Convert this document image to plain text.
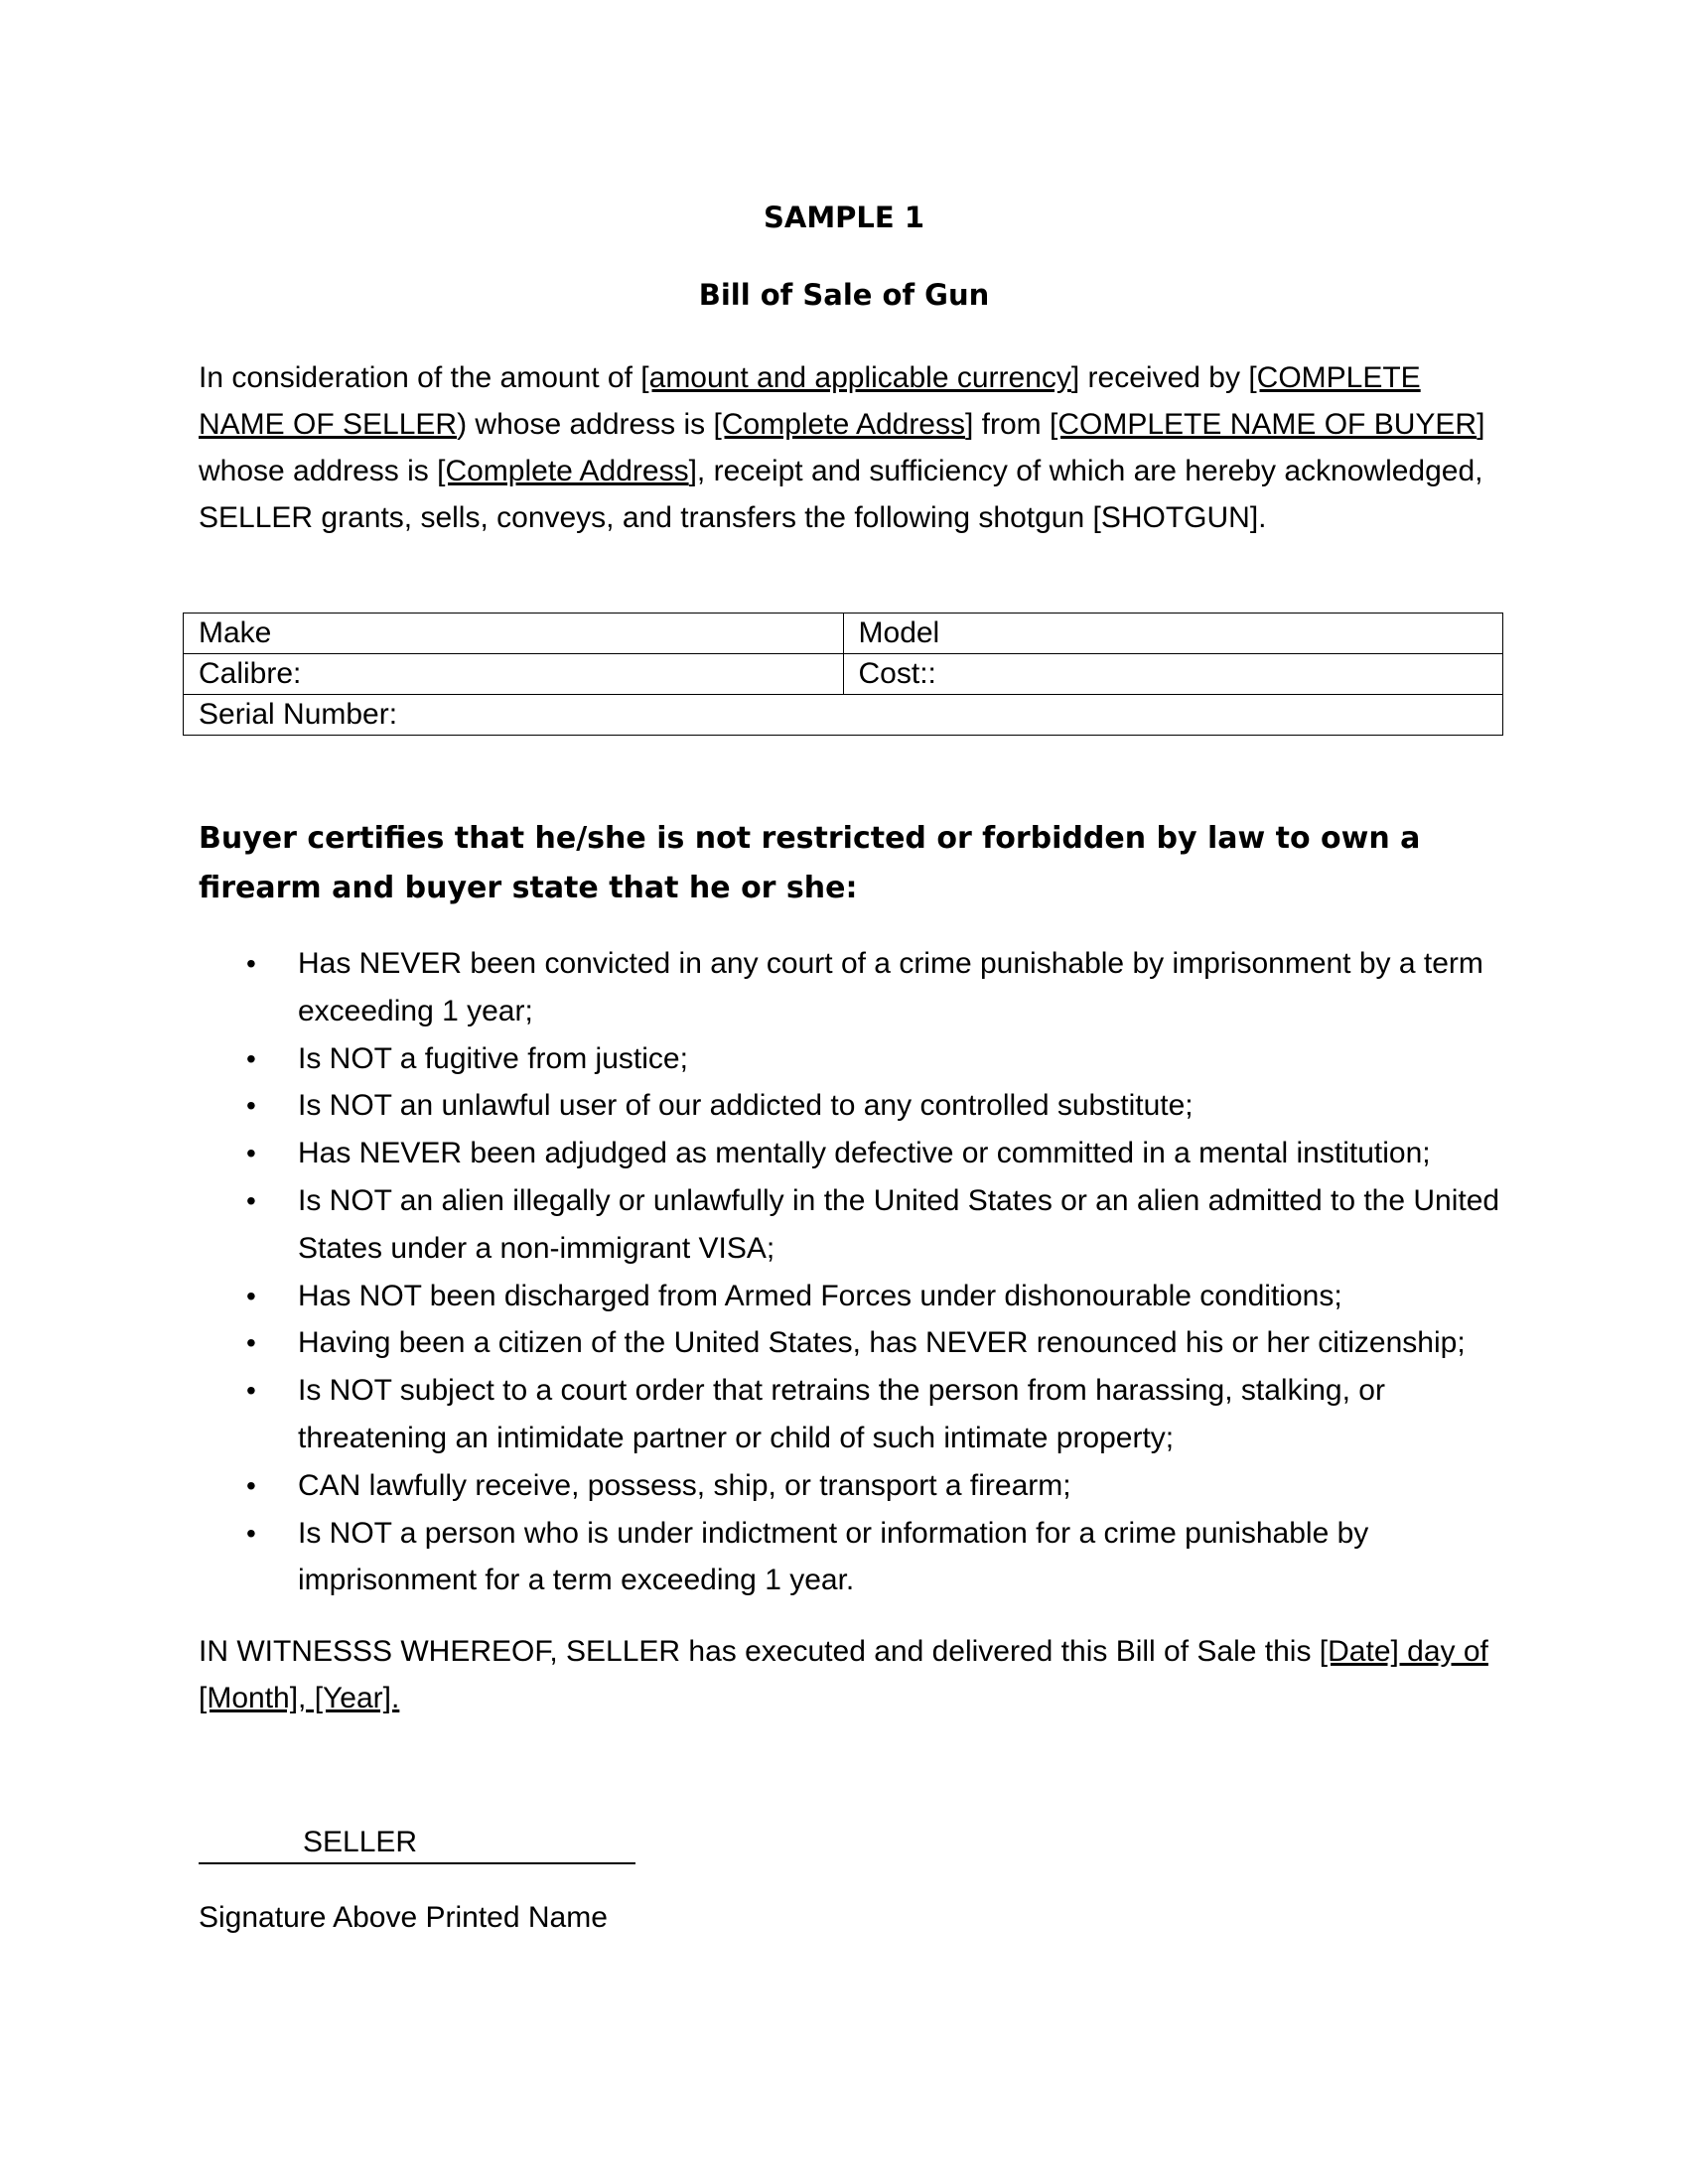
SAMPLE 1
Bill of Sale of Gun

In consideration of the amount of [amount and applicable currency] received by [COMPLETE NAME OF SELLER) whose address is [Complete Address] from [COMPLETE NAME OF BUYER] whose address is [Complete Address], receipt and sufficiency of which are hereby acknowledged, SELLER grants, sells, conveys, and transfers the following shotgun [SHOTGUN].

Make	Model
Calibre:	Cost::
Serial Number:	

Buyer certifies that he/she is not restricted or forbidden by law to own a firearm and buyer state that he or she:

• Has NEVER been convicted in any court of a crime punishable by imprisonment by a term exceeding 1 year;
• Is NOT a fugitive from justice;
• Is NOT an unlawful user of our addicted to any controlled substitute;
• Has NEVER been adjudged as mentally defective or committed in a mental institution;
• Is NOT an alien illegally or unlawfully in the United States or an alien admitted to the United States under a non-immigrant VISA;
• Has NOT been discharged from Armed Forces under dishonourable conditions;
• Having been a citizen of the United States, has NEVER renounced his or her citizenship;
• Is NOT subject to a court order that retrains the person from harassing, stalking, or threatening an intimidate partner or child of such intimate property;
• CAN lawfully receive, possess, ship, or transport a firearm;
• Is NOT a person who is under indictment or information for a crime punishable by imprisonment for a term exceeding 1 year.

IN WITNESSS WHEREOF, SELLER has executed and delivered this Bill of Sale this [Date] day of [Month], [Year].

SELLER
Signature Above Printed Name
